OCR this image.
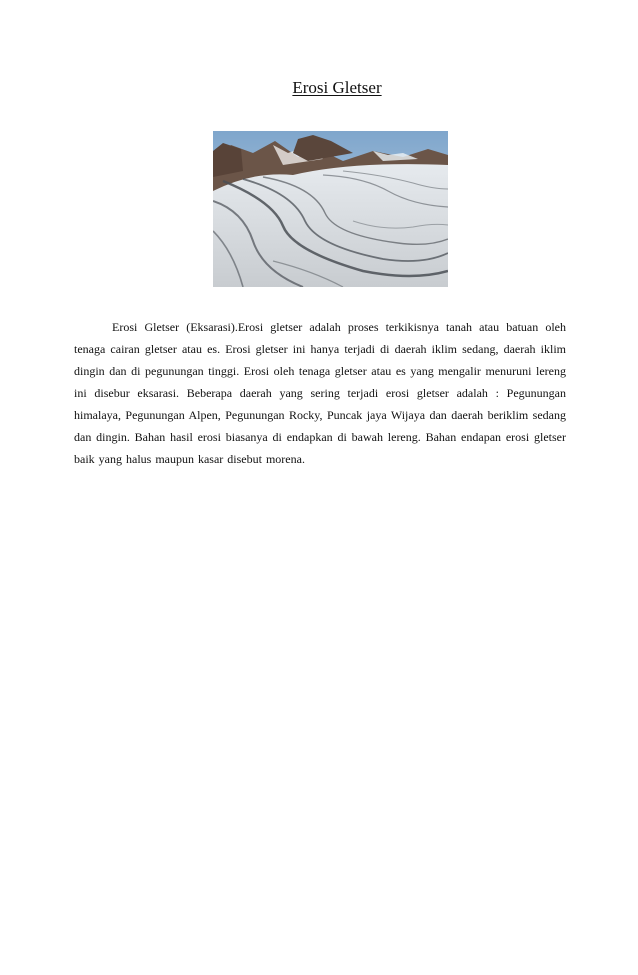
Erosi Gletser

Erosi Gletser (Eksarasi).Erosi gletser adalah proses terkikisnya tanah atau batuan oleh tenaga cairan gletser atau es. Erosi gletser ini hanya terjadi di daerah iklim sedang, daerah iklim dingin dan di pegunungan tinggi. Erosi oleh tenaga gletser atau es yang mengalir menuruni lereng ini disebur eksarasi. Beberapa daerah yang sering terjadi erosi gletser adalah : Pegunungan himalaya, Pegunungan Alpen, Pegunungan Rocky, Puncak jaya Wijaya dan daerah beriklim sedang dan dingin. Bahan hasil erosi biasanya di endapkan di bawah lereng. Bahan endapan erosi gletser baik yang halus maupun kasar disebut morena.
